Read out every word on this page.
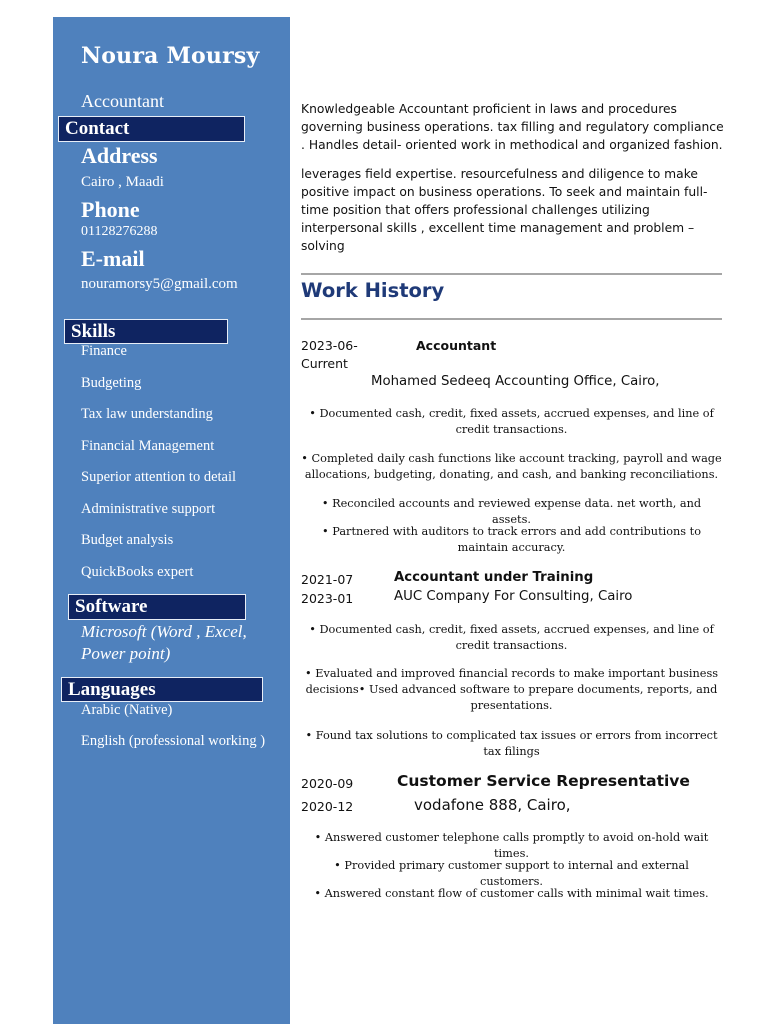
Noura Moursy
Accountant
Contact
Address
Cairo , Maadi
Phone
01128276288
E-mail
nouramorsy5@gmail.com
Skills
Finance
Budgeting
Tax law understanding
Financial Management
Superior attention to detail
Administrative support
Budget analysis
QuickBooks expert
Software
Microsoft (Word , Excel, Power point)
Languages
Arabic (Native)
English (professional working )

Knowledgeable Accountant proficient in laws and procedures governing business operations. tax filling and regulatory compliance . Handles detail- oriented work in methodical and organized fashion.

leverages field expertise. resourcefulness and diligence to make positive impact on business operations. To seek and maintain full-time position that offers professional challenges utilizing interpersonal skills , excellent time management and problem – solving

Work History
2023-06-
Current
Accountant
Mohamed Sedeeq Accounting Office, Cairo,
• Documented cash, credit, fixed assets, accrued expenses, and line of credit transactions.
• Completed daily cash functions like account tracking, payroll and wage allocations, budgeting, donating, and cash, and banking reconciliations.
• Reconciled accounts and reviewed expense data. net worth, and assets.
• Partnered with auditors to track errors and add contributions to maintain accuracy.
2021-07
2023-01
Accountant under Training
AUC Company For Consulting, Cairo
• Documented cash, credit, fixed assets, accrued expenses, and line of credit transactions.
• Evaluated and improved financial records to make important business decisions• Used advanced software to prepare documents, reports, and presentations.
• Found tax solutions to complicated tax issues or errors from incorrect tax filings
2020-09
2020-12
Customer Service Representative
vodafone 888, Cairo,
• Answered customer telephone calls promptly to avoid on-hold wait times.
• Provided primary customer support to internal and external customers.
• Answered constant flow of customer calls with minimal wait times.
